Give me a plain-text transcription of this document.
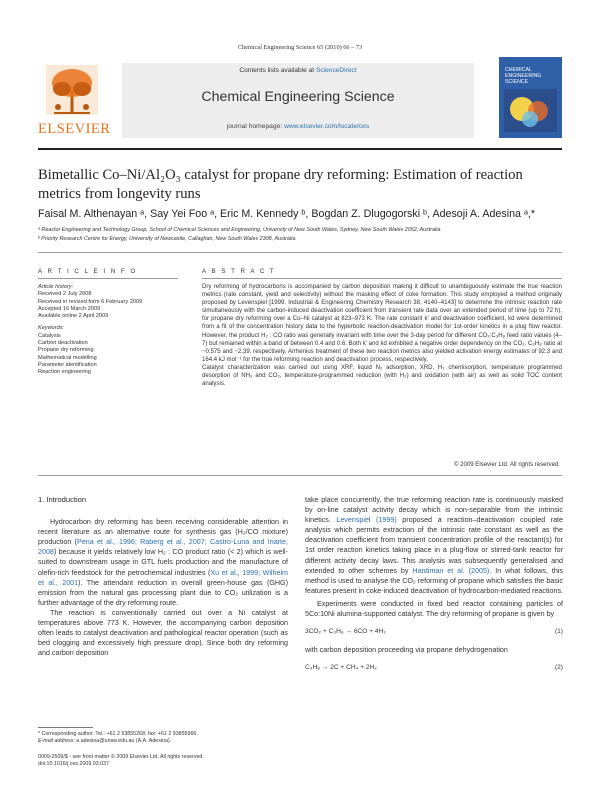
Chemical Engineering Science 65 (2010) 66 – 73
ELSEVIER
Contents lists available at ScienceDirect
Chemical Engineering Science
journal homepage: www.elsevier.com/locate/ces
CHEMICAL
ENGINEERING
SCIENCE
Bimetallic Co–Ni/Al₂O₃ catalyst for propane dry reforming: Estimation of reaction metrics from longevity runs
Faisal M. Althenayan ᵃ, Say Yei Foo ᵃ, Eric M. Kennedy ᵇ, Bogdan Z. Dlugogorski ᵇ, Adesoji A. Adesina ᵃ,*
ᵃ Reactor Engineering and Technology Group, School of Chemical Sciences and Engineering, University of New South Wales, Sydney, New South Wales 2052, Australia
ᵇ Priority Research Centre for Energy, University of Newcastle, Callaghan, New South Wales 2308, Australia
A R T I C L E I N F O	A B S T R A C T
Article history:
Received 2 July 2008
Received in revised form 6 February 2009
Accepted 16 March 2009
Available online 2 April 2009
Keywords:
Catalysis
Carbon deactivation
Propane dry reforming
Mathematical modelling
Parameter identification
Reaction engineering
Dry reforming of hydrocarbons is accompanied by carbon deposition making it difficult to unambiguously estimate the true reaction metrics (rate constant, yield and selectivity) without the masking effect of coke formation. This study employed a method originally proposed by Levenspiel [1999. Industrial & Engineering Chemistry Research 38, 4140–4143] to determine the intrinsic reaction rate simultaneously with the carbon-induced deactivation coefficient from transient rate data over an extended period of time (up to 72 h), for propane dry reforming over a Co–Ni catalyst at 823–973 K. The rate constant k′ and deactivation coefficient, kd were determined from a fit of the concentration history data to the hyperbolic reaction-deactivation model for 1st-order kinetics in a plug flow reactor. However, the product H₂ : CO ratio was generally invariant with time over the 3-day period for different CO₂:C₃H₈ feed ratio values (4–7) but remained within a band of between 0.4 and 0.6. Both k′ and kd exhibited a negative order dependency on the CO₂: C₃H₈ ratio at −0.575 and −2.39, respectively. Arrhenius treatment of these two reaction metrics also yielded activation energy estimates of 92.3 and 164.4 kJ mol⁻¹ for the true reforming reaction and deactivation process, respectively.
Catalyst characterization was carried out using XRF, liquid N₂ adsorption, XRD, H₂ chemisorption, temperature programmed desorption of NH₃ and CO₂, temperature-programmed reduction (with H₂) and oxidation (with air) as well as solid TOC content analysis.
© 2009 Elsevier Ltd. All rights reserved.
1. Introduction

Hydrocarbon dry reforming has been receiving considerable attention in recent literature as an alternative route for synthesis gas (H₂/CO mixture) production (Pena et al., 1996; Raberg et al., 2007; Castro-Luna and Iriarte, 2008) because it yields relatively low H₂ : CO product ratio (< 2) which is well-suited to downstream usage in GTL fuels production and the manufacture of olefin-rich feedstock for the petrochemical industries (Xu et al., 1999; Wilhelm et al., 2001). The attendant reduction in overall green-house gas (GHG) emission from the natural gas processing plant due to CO₂ utilization is a further advantage of the dry reforming route.

The reaction is conventionally carried out over a Ni catalyst at temperatures above 773 K. However, the accompanying carbon deposition often leads to catalyst deactivation and pathological reactor operation (such as bed clogging and excessively high pressure drop). Since both dry reforming and carbon deposition

take place concurrently, the true reforming reaction rate is continuously masked by on-line catalyst activity decay which is non-separable from the intrinsic kinetics. Levenspiel (1999) proposed a reaction–deactivation coupled rate analysis which permits extraction of the intrinsic rate constant as well as the deactivation coefficient from transient concentration profile of the reactant(s) for 1st order reaction kinetics taking place in a plug-flow or stirred-tank reactor for different activity decay laws. This analysis was subsequently generalised and extended to other schemes by Hardiman et al. (2005). In what follows, this method is used to analyse the CO₂ reforming of propane which satisfies the basic features present in coke-induced deactivation of hydrocarbon-mediated reactions.

Experiments were conducted in fixed bed reactor containing particles of 5Co:10Ni alumina-supported catalyst. The dry reforming of propane is given by

3CO₂ + C₃H₈ → 6CO + 4H₂	(1)

with carbon deposition proceeding via propane dehydrogenation

C₃H₈ → 2C + CH₄ + 2H₂	(2)
* Corresponding author. Tel.: +61 2 93855268; fax: +61 2 93855966.
E-mail address: a.adesina@unsw.edu.au (A.A. Adesina).
0009-2509/$ - see front matter © 2009 Elsevier Ltd. All rights reserved.
doi:10.1016/j.ces.2009.03.037
